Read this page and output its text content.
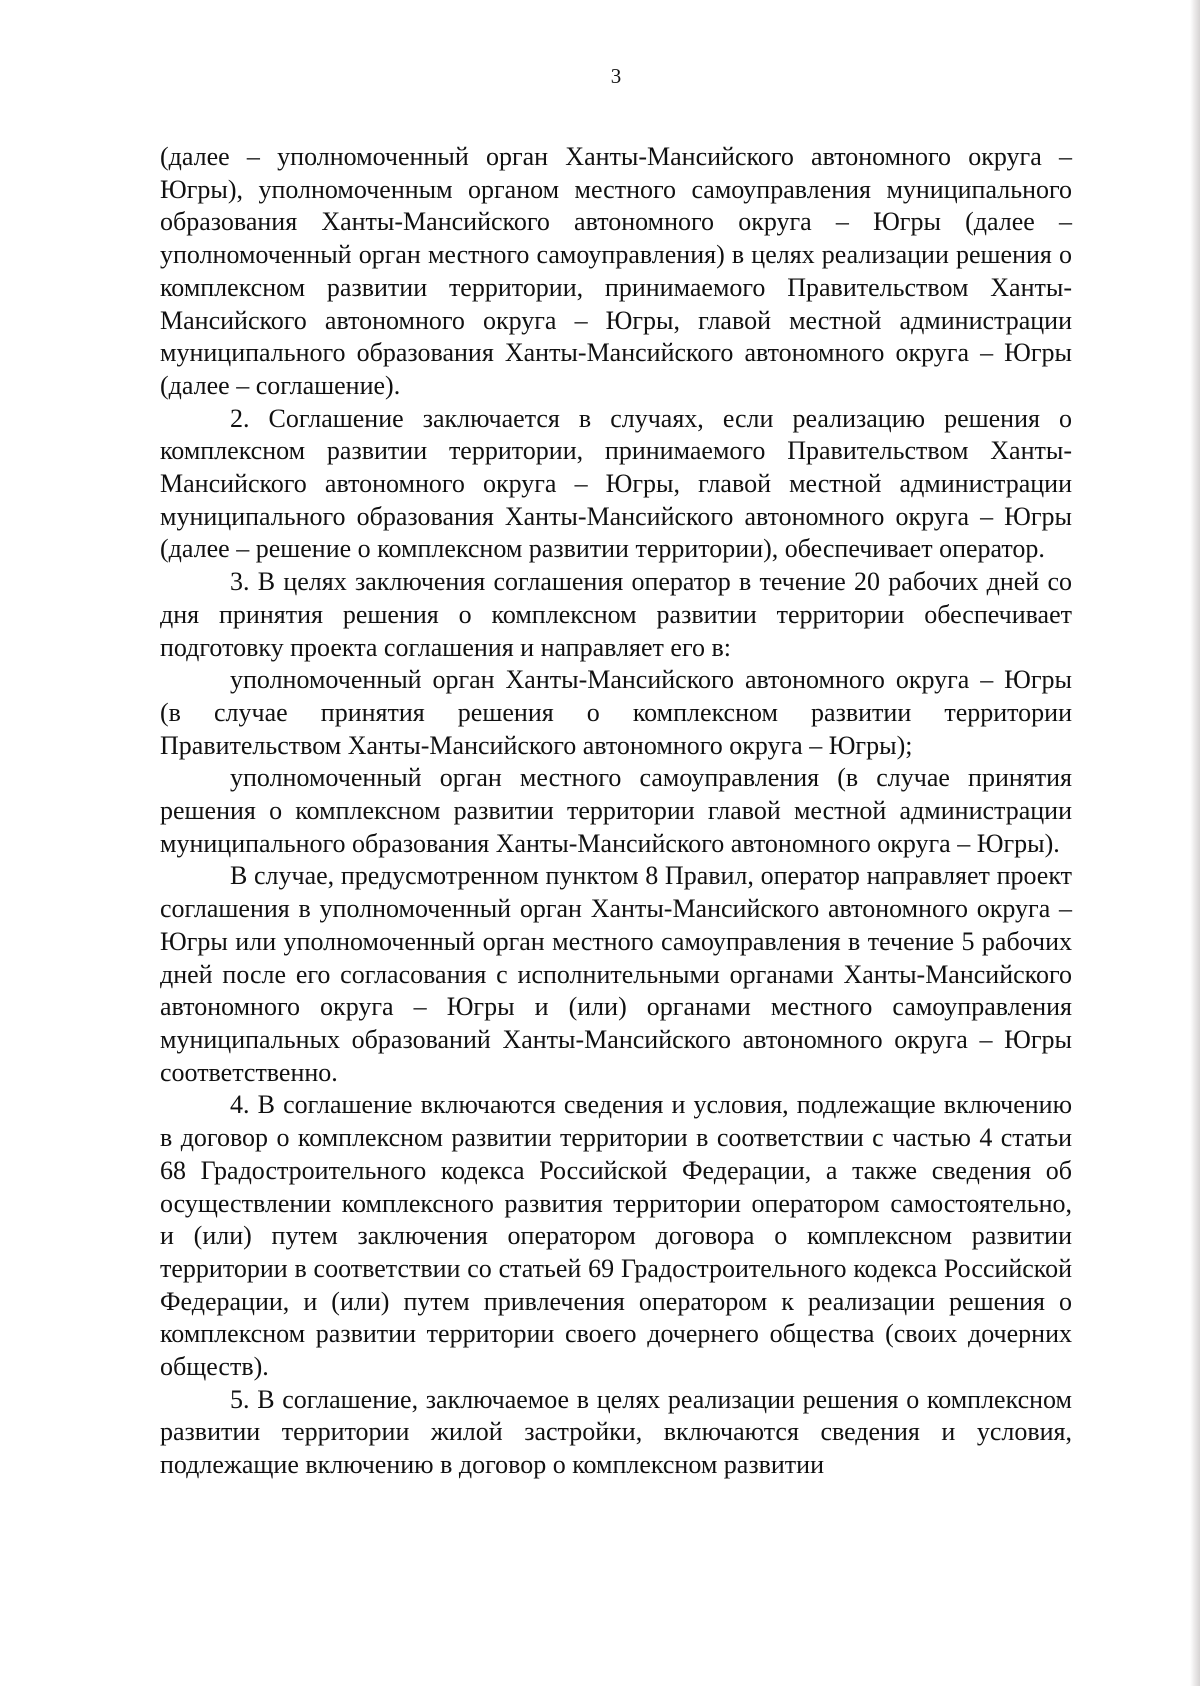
3

(далее – уполномоченный орган Ханты-Мансийского автономного округа – Югры), уполномоченным органом местного самоуправления муниципального образования Ханты-Мансийского автономного округа – Югры (далее – уполномоченный орган местного самоуправления) в целях реализации решения о комплексном развитии территории, принимаемого Правительством Ханты-Мансийского автономного округа – Югры, главой местной администрации муниципального образования Ханты-Мансийского автономного округа – Югры (далее – соглашение).

2. Соглашение заключается в случаях, если реализацию решения о комплексном развитии территории, принимаемого Правительством Ханты-Мансийского автономного округа – Югры, главой местной администрации муниципального образования Ханты-Мансийского автономного округа – Югры (далее – решение о комплексном развитии территории), обеспечивает оператор.

3. В целях заключения соглашения оператор в течение 20 рабочих дней со дня принятия решения о комплексном развитии территории обеспечивает подготовку проекта соглашения и направляет его в:

уполномоченный орган Ханты-Мансийского автономного округа – Югры (в случае принятия решения о комплексном развитии территории Правительством Ханты-Мансийского автономного округа – Югры);

уполномоченный орган местного самоуправления (в случае принятия решения о комплексном развитии территории главой местной администрации муниципального образования Ханты-Мансийского автономного округа – Югры).

В случае, предусмотренном пунктом 8 Правил, оператор направляет проект соглашения в уполномоченный орган Ханты-Мансийского автономного округа – Югры или уполномоченный орган местного самоуправления в течение 5 рабочих дней после его согласования с исполнительными органами Ханты-Мансийского автономного округа – Югры и (или) органами местного самоуправления муниципальных образований Ханты-Мансийского автономного округа – Югры соответственно.

4. В соглашение включаются сведения и условия, подлежащие включению в договор о комплексном развитии территории в соответствии с частью 4 статьи 68 Градостроительного кодекса Российской Федерации, а также сведения об осуществлении комплексного развития территории оператором самостоятельно, и (или) путем заключения оператором договора о комплексном развитии территории в соответствии со статьей 69 Градостроительного кодекса Российской Федерации, и (или) путем привлечения оператором к реализации решения о комплексном развитии территории своего дочернего общества (своих дочерних обществ).

5. В соглашение, заключаемое в целях реализации решения о комплексном развитии территории жилой застройки, включаются сведения и условия, подлежащие включению в договор о комплексном развитии
